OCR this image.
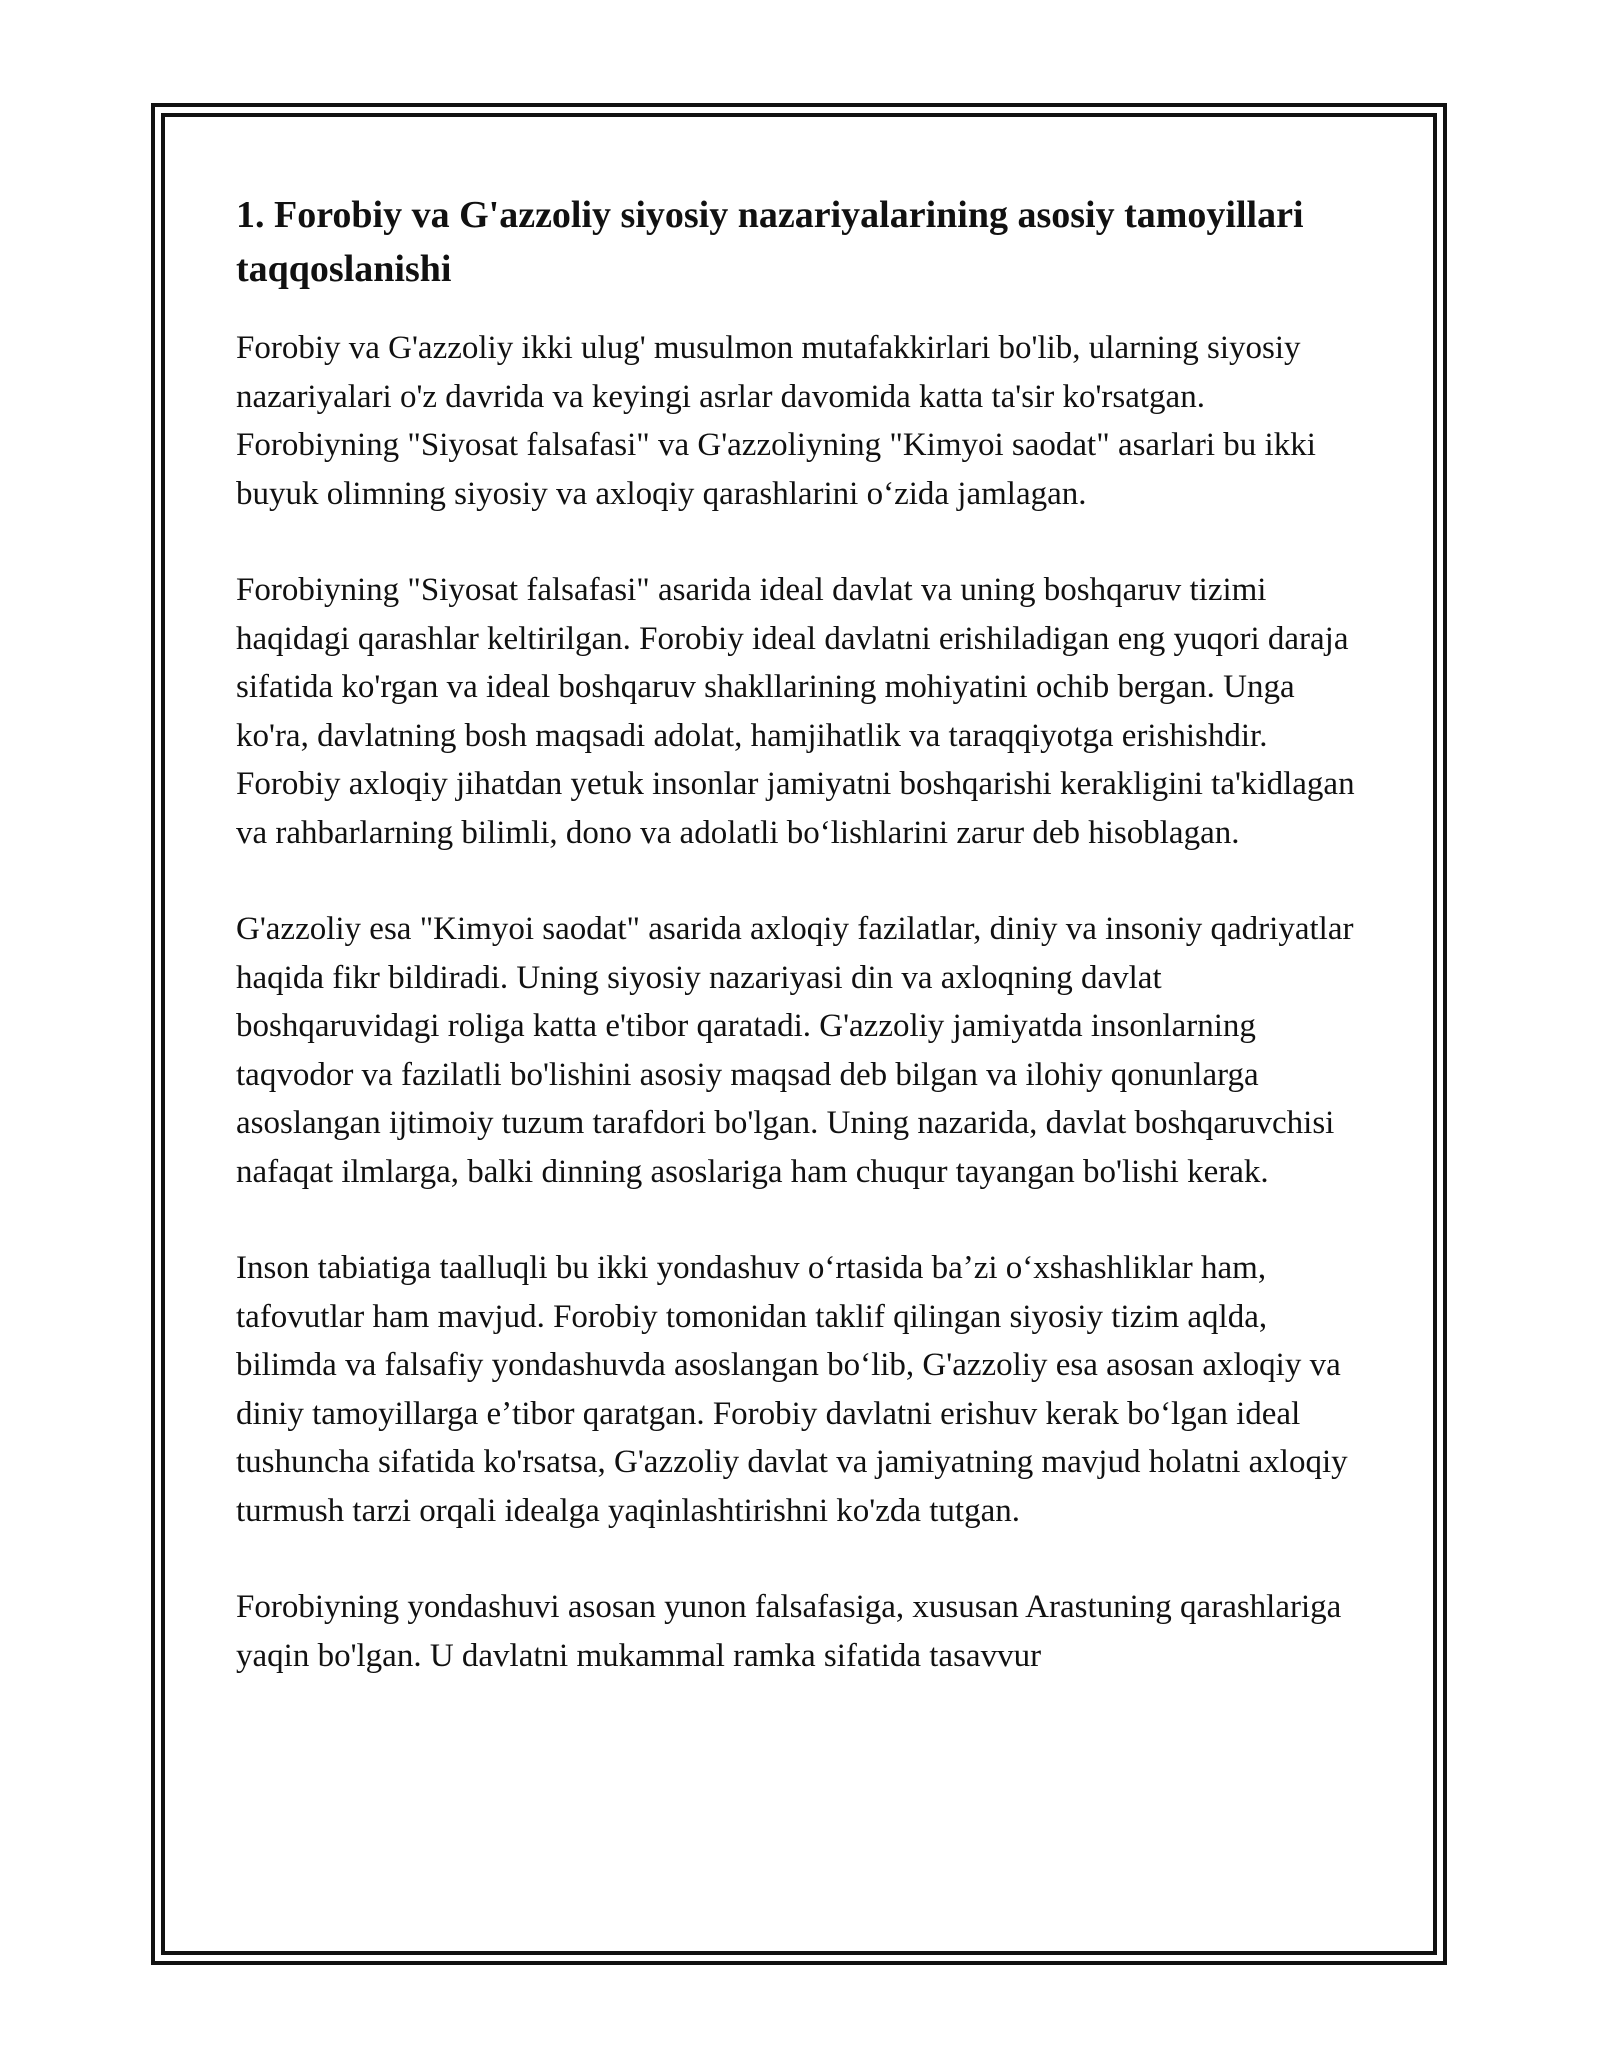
1. Forobiy va G'azzoliy siyosiy nazariyalarining asosiy tamoyillari taqqoslanishi

Forobiy va G'azzoliy ikki ulug' musulmon mutafakkirlari bo'lib, ularning siyosiy nazariyalari o'z davrida va keyingi asrlar davomida katta ta'sir ko'rsatgan. Forobiyning "Siyosat falsafasi" va G'azzoliyning "Kimyoi saodat" asarlari bu ikki buyuk olimning siyosiy va axloqiy qarashlarini oʻzida jamlagan.

Forobiyning "Siyosat falsafasi" asarida ideal davlat va uning boshqaruv tizimi haqidagi qarashlar keltirilgan. Forobiy ideal davlatni erishiladigan eng yuqori daraja sifatida ko'rgan va ideal boshqaruv shakllarining mohiyatini ochib bergan. Unga ko'ra, davlatning bosh maqsadi adolat, hamjihatlik va taraqqiyotga erishishdir. Forobiy axloqiy jihatdan yetuk insonlar jamiyatni boshqarishi kerakligini ta'kidlagan va rahbarlarning bilimli, dono va adolatli boʻlishlarini zarur deb hisoblagan.

G'azzoliy esa "Kimyoi saodat" asarida axloqiy fazilatlar, diniy va insoniy qadriyatlar haqida fikr bildiradi. Uning siyosiy nazariyasi din va axloqning davlat boshqaruvidagi roliga katta e'tibor qaratadi. G'azzoliy jamiyatda insonlarning taqvodor va fazilatli bo'lishini asosiy maqsad deb bilgan va ilohiy qonunlarga asoslangan ijtimoiy tuzum tarafdori bo'lgan. Uning nazarida, davlat boshqaruvchisi nafaqat ilmlarga, balki dinning asoslariga ham chuqur tayangan bo'lishi kerak.

Inson tabiatiga taalluqli bu ikki yondashuv oʻrtasida baʼzi oʻxshashliklar ham, tafovutlar ham mavjud. Forobiy tomonidan taklif qilingan siyosiy tizim aqlda, bilimda va falsafiy yondashuvda asoslangan boʻlib, G'azzoliy esa asosan axloqiy va diniy tamoyillarga eʼtibor qaratgan. Forobiy davlatni erishuv kerak boʻlgan ideal tushuncha sifatida ko'rsatsa, G'azzoliy davlat va jamiyatning mavjud holatni axloqiy turmush tarzi orqali idealga yaqinlashtirishni ko'zda tutgan.

Forobiyning yondashuvi asosan yunon falsafasiga, xususan Arastuning qarashlariga yaqin bo'lgan. U davlatni mukammal ramka sifatida tasavvur
